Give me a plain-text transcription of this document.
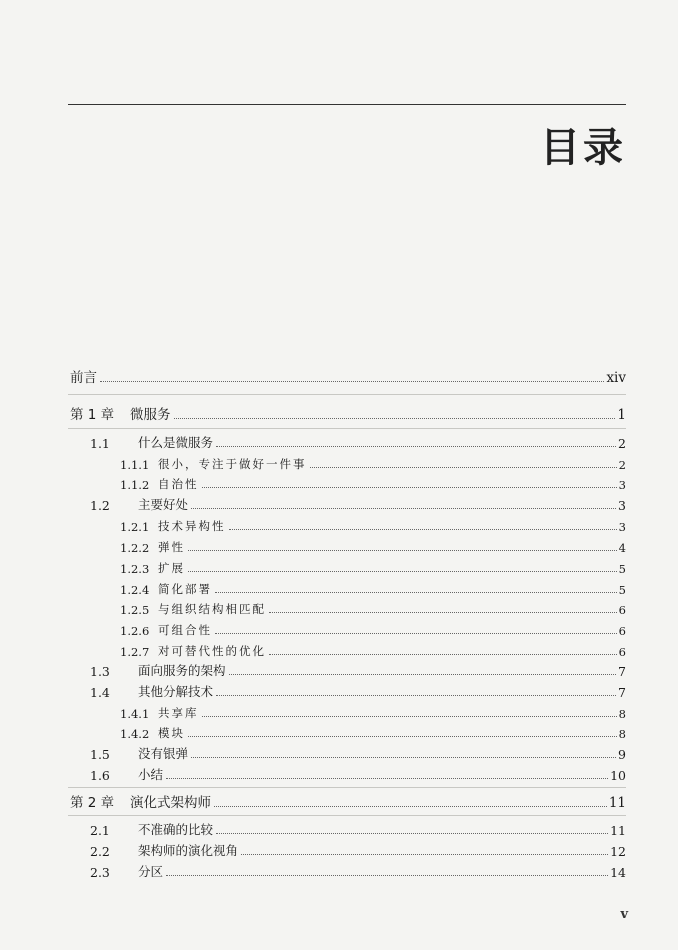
目录
前言	xiv
第 1 章	微服务	1
1.1	什么是微服务	2
1.1.1 很小，专注于做好一件事	2
1.1.2 自治性	3
1.2	主要好处	3
1.2.1 技术异构性	3
1.2.2 弹性	4
1.2.3 扩展	5
1.2.4 简化部署	5
1.2.5 与组织结构相匹配	6
1.2.6 可组合性	6
1.2.7 对可替代性的优化	6
1.3	面向服务的架构	7
1.4	其他分解技术	7
1.4.1 共享库	8
1.4.2 模块	8
1.5	没有银弹	9
1.6	小结	10
第 2 章	演化式架构师	11
2.1	不准确的比较	11
2.2	架构师的演化视角	12
2.3	分区	14
v
